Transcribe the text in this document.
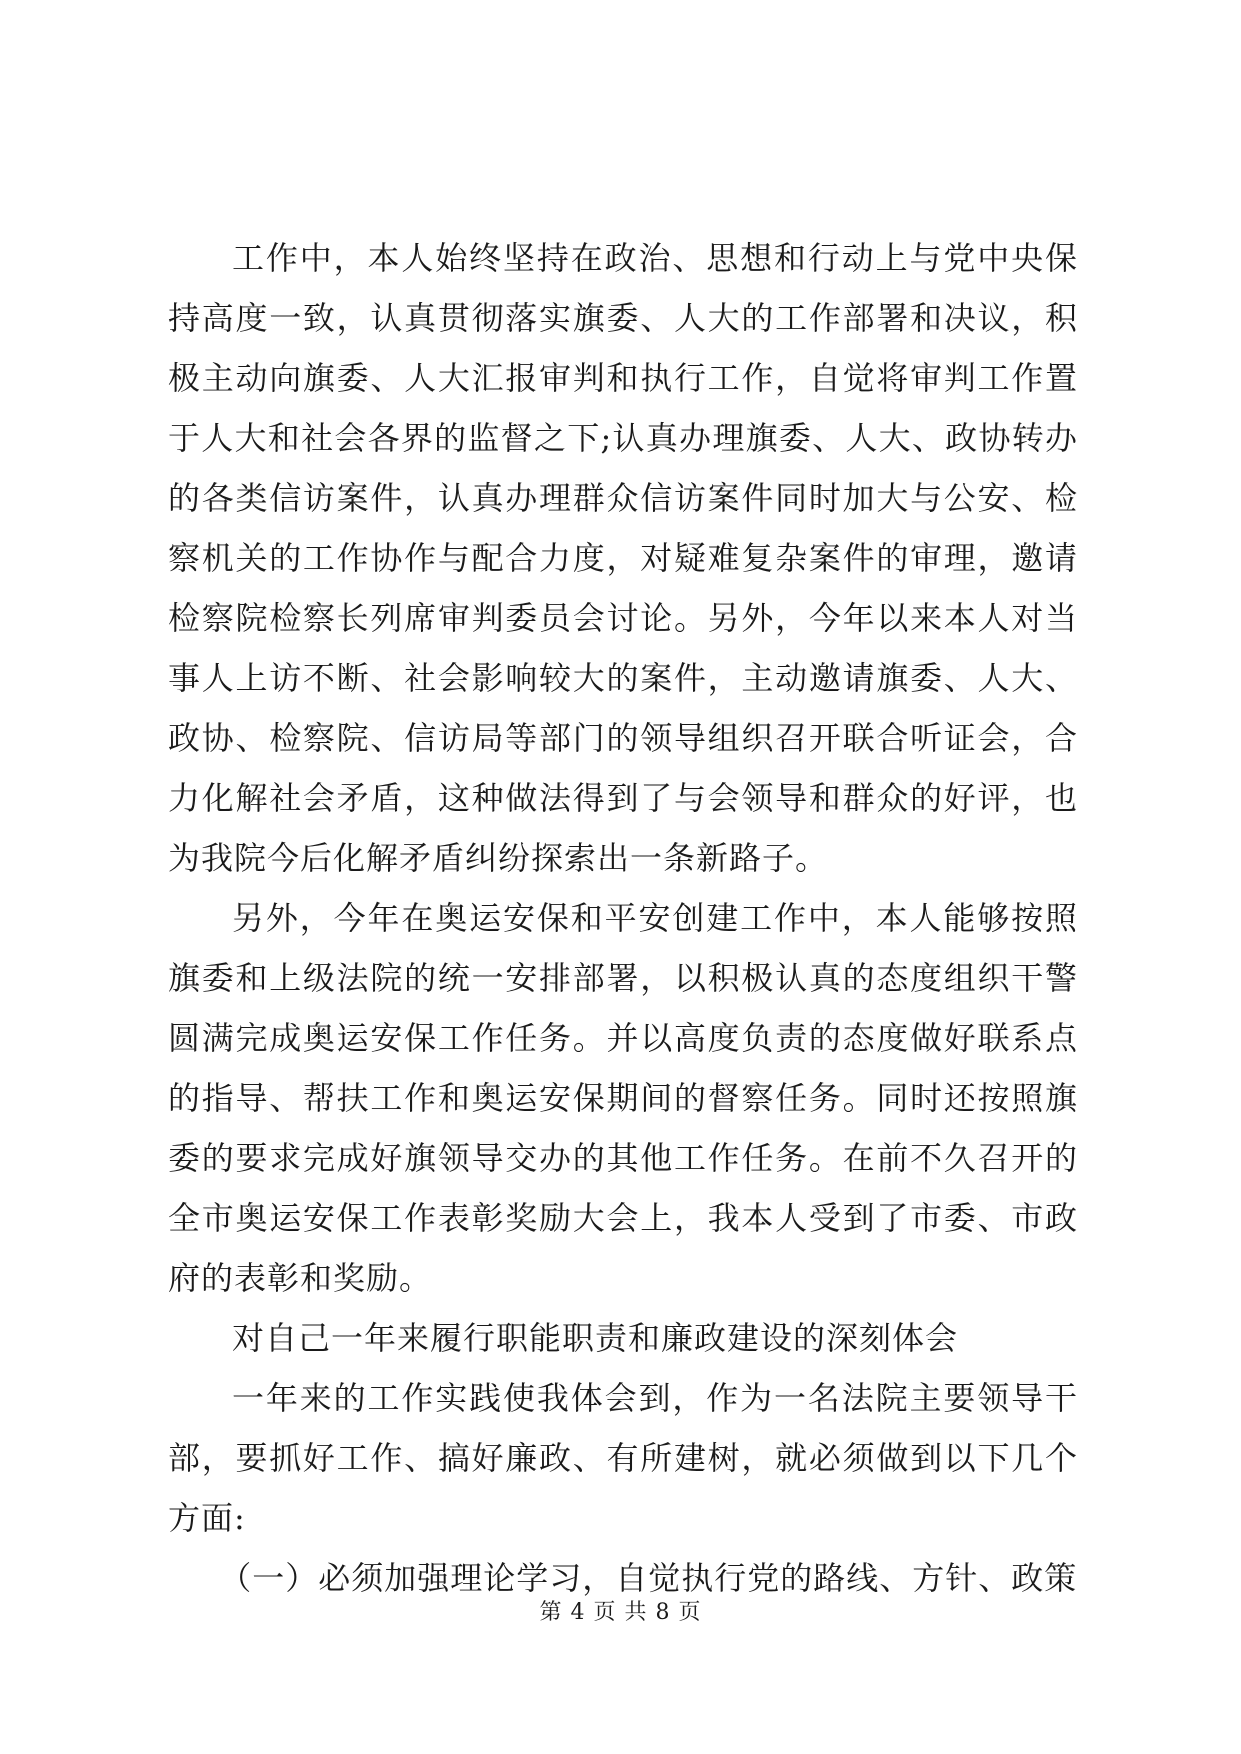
工作中，本人始终坚持在政治、思想和行动上与党中央保持高度一致，认真贯彻落实旗委、人大的工作部署和决议，积极主动向旗委、人大汇报审判和执行工作，自觉将审判工作置于人大和社会各界的监督之下;认真办理旗委、人大、政协转办的各类信访案件，认真办理群众信访案件同时加大与公安、检察机关的工作协作与配合力度，对疑难复杂案件的审理，邀请检察院检察长列席审判委员会讨论。另外，今年以来本人对当事人上访不断、社会影响较大的案件，主动邀请旗委、人大、政协、检察院、信访局等部门的领导组织召开联合听证会，合力化解社会矛盾，这种做法得到了与会领导和群众的好评，也为我院今后化解矛盾纠纷探索出一条新路子。

另外，今年在奥运安保和平安创建工作中，本人能够按照旗委和上级法院的统一安排部署，以积极认真的态度组织干警圆满完成奥运安保工作任务。并以高度负责的态度做好联系点的指导、帮扶工作和奥运安保期间的督察任务。同时还按照旗委的要求完成好旗领导交办的其他工作任务。在前不久召开的全市奥运安保工作表彰奖励大会上，我本人受到了市委、市政府的表彰和奖励。

对自己一年来履行职能职责和廉政建设的深刻体会

一年来的工作实践使我体会到，作为一名法院主要领导干部，要抓好工作、搞好廉政、有所建树，就必须做到以下几个方面:

（一）必须加强理论学习，自觉执行党的路线、方针、政策

第 4 页 共 8 页
